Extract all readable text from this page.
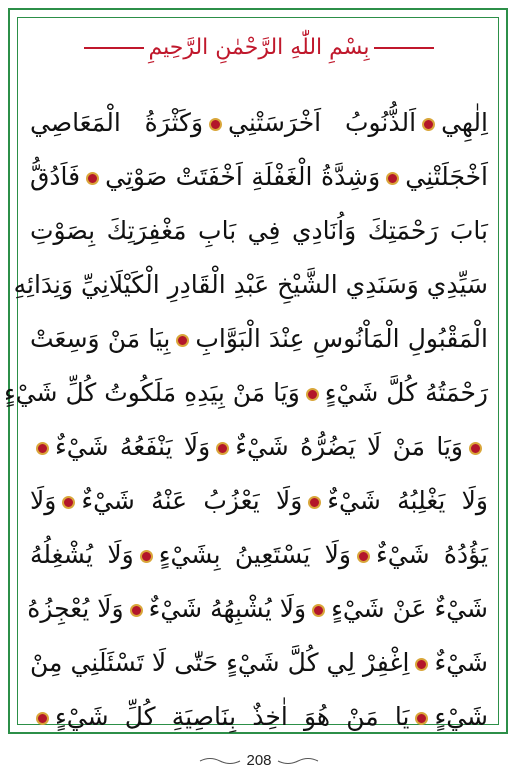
بِسْمِ اللّٰهِ الرَّحْمٰنِ الرَّحِيمِ
اِلٰهِياَلذُّنُوبُ اَخْرَسَتْنِيوَكَثْرَةُ الْمَعَاصِي
اَخْجَلَتْنِيوَشِدَّةُ الْغَفْلَةِ اَخْفَتَتْ صَوْتِيفَاَدُقُّ
بَابَ رَحْمَتِكَ وَاُنَادِي فِي بَابِ مَغْفِرَتِكَ بِصَوْتِ
سَيِّدِي وَسَنَدِي الشَّيْخِ عَبْدِ الْقَادِرِ الْكَيْلَانِيِّ وَنِدَائِهِ
الْمَقْبُولِ الْمَاْنُوسِ عِنْدَ الْبَوَّابِبِيَا مَنْ وَسِعَتْ
رَحْمَتُهُ كُلَّ شَيْءٍوَيَا مَنْ بِيَدِهِ مَلَكُوتُ كُلِّ شَيْءٍ
وَيَا مَنْ لَا يَضُرُّهُ شَيْءٌوَلَا يَنْفَعُهُ شَيْءٌ
وَلَا يَغْلِبُهُ شَيْءٌوَلَا يَعْزُبُ عَنْهُ شَيْءٌوَلَا
يَؤُدُهُ شَيْءٌوَلَا يَسْتَعِينُ بِشَيْءٍوَلَا يُشْغِلُهُ
شَيْءٌ عَنْ شَيْءٍوَلَا يُشْبِهُهُ شَيْءٌوَلَا يُعْجِزُهُ
شَيْءٌاِغْفِرْ لِي كُلَّ شَيْءٍ حَتّٰى لَا تَسْئَلَنِي مِنْ
شَيْءٍيَا مَنْ هُوَ اٰخِذٌ بِنَاصِيَةِ كُلِّ شَيْءٍ
208
